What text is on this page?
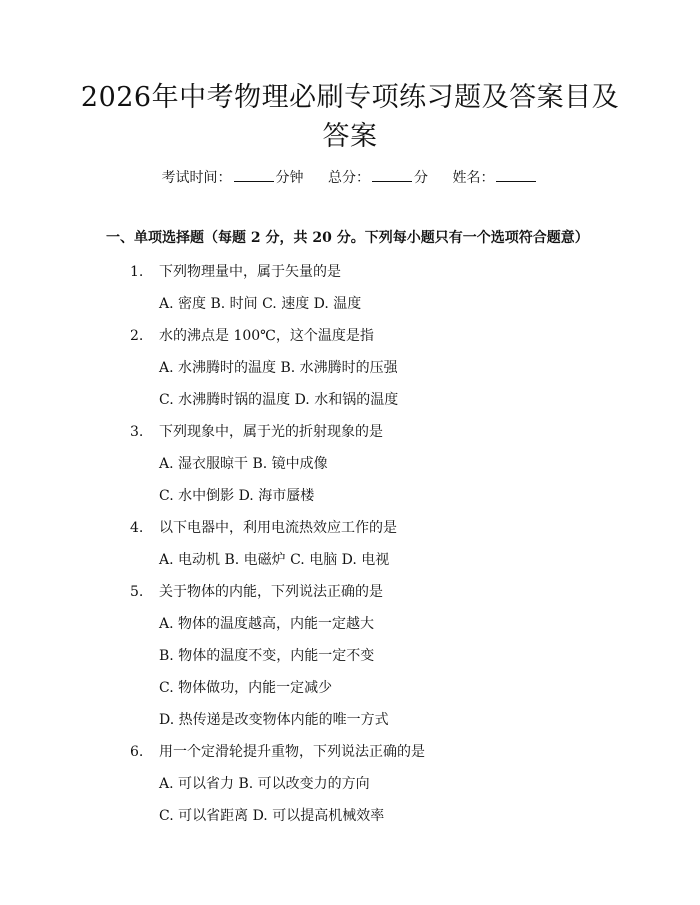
2026年中考物理必刷专项练习题及答案目及答案
考试时间：	分钟 总分：	分 姓名：
一、单项选择题（每题 2 分，共 20 分。下列每小题只有一个选项符合题意）
1. 下列物理量中，属于矢量的是
A. 密度 B. 时间 C. 速度 D. 温度
2. 水的沸点是 100℃，这个温度是指
A. 水沸腾时的温度 B. 水沸腾时的压强
C. 水沸腾时锅的温度 D. 水和锅的温度
3. 下列现象中，属于光的折射现象的是
A. 湿衣服晾干 B. 镜中成像
C. 水中倒影 D. 海市蜃楼
4. 以下电器中，利用电流热效应工作的是
A. 电动机 B. 电磁炉 C. 电脑 D. 电视
5. 关于物体的内能，下列说法正确的是
A. 物体的温度越高，内能一定越大
B. 物体的温度不变，内能一定不变
C. 物体做功，内能一定减少
D. 热传递是改变物体内能的唯一方式
6. 用一个定滑轮提升重物，下列说法正确的是
A. 可以省力 B. 可以改变力的方向
C. 可以省距离 D. 可以提高机械效率
